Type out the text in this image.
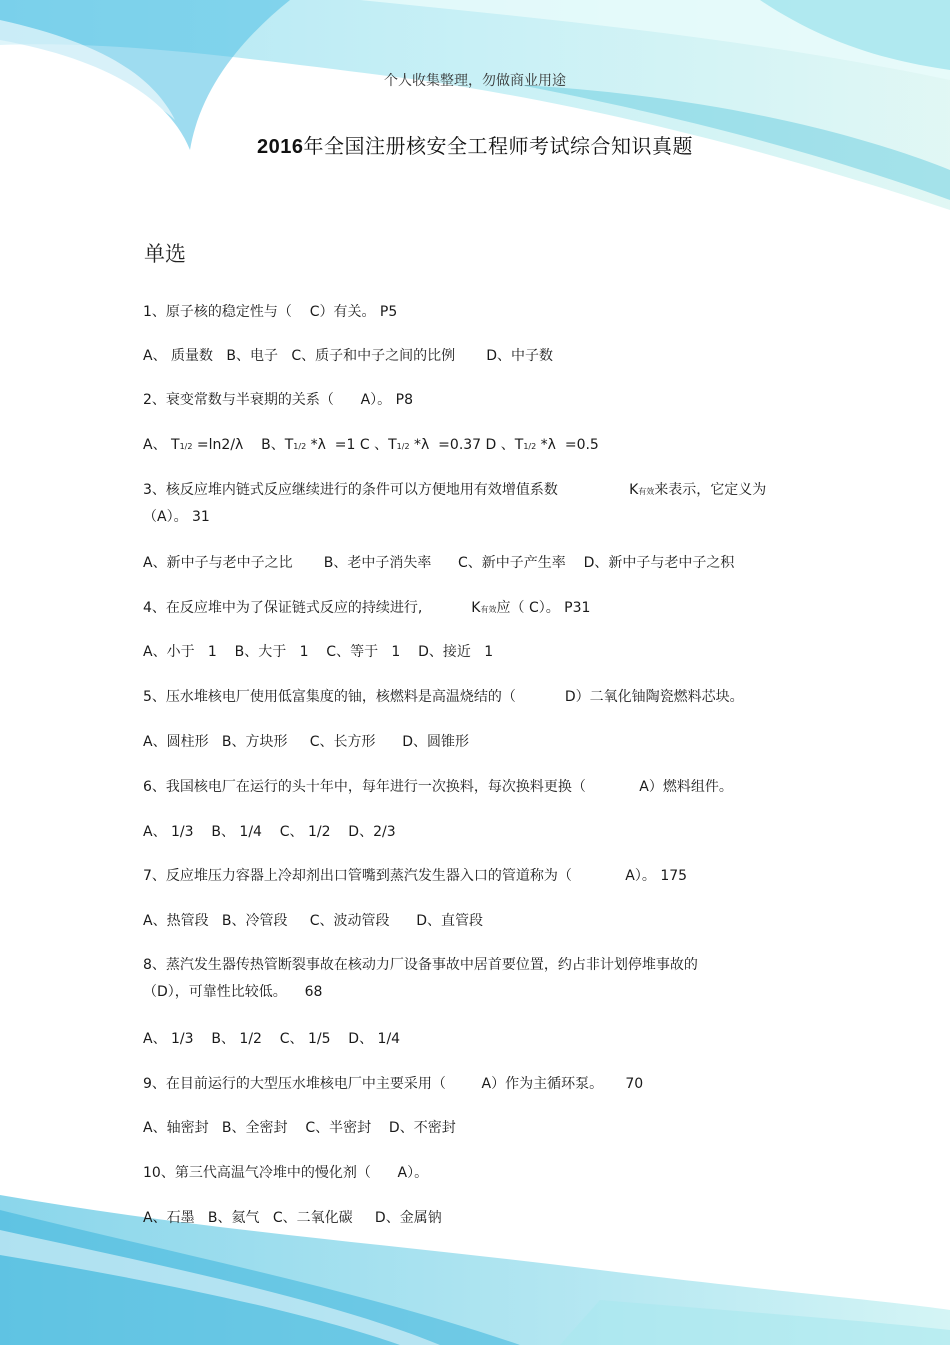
个人收集整理，勿做商业用途
2016年全国注册核安全工程师考试综合知识真题
单选
1、原子核的稳定性与（    C）有关。 P5
A、 质量数   B、电子   C、质子和中子之间的比例       D、中子数
2、衰变常数与半衰期的关系（      A）。 P8
A、 T1/2 =ln2/λ    B、T1/2 *λ  =1 C 、T1/2 *λ  =0.37 D 、T1/2 *λ  =0.5
3、核反应堆内链式反应继续进行的条件可以方便地用有效增值系数                K有效来表示，它定义为
（A）。 31
A、新中子与老中子之比       B、老中子消失率      C、新中子产生率    D、新中子与老中子之积
4、在反应堆中为了保证链式反应的持续进行,           K有效应（ C）。 P31
A、小于   1    B、大于   1    C、等于   1    D、接近   1
5、压水堆核电厂使用低富集度的铀，核燃料是高温烧结的（           D）二氧化铀陶瓷燃料芯块。
A、圆柱形   B、方块形     C、长方形      D、圆锥形
6、我国核电厂在运行的头十年中，每年进行一次换料，每次换料更换（            A）燃料组件。
A、 1/3    B、 1/4    C、 1/2    D、2/3
7、反应堆压力容器上冷却剂出口管嘴到蒸汽发生器入口的管道称为（            A）。 175
A、热管段   B、冷管段     C、波动管段      D、直管段
8、蒸汽发生器传热管断裂事故在核动力厂设备事故中居首要位置，约占非计划停堆事故的
（D），可靠性比较低。    68
A、 1/3    B、 1/2    C、 1/5    D、 1/4
9、在目前运行的大型压水堆核电厂中主要采用（        A）作为主循环泵。     70
A、轴密封   B、全密封    C、半密封    D、不密封
10、第三代高温气冷堆中的慢化剂（      A）。
A、石墨   B、氦气   C、二氧化碳     D、金属钠
